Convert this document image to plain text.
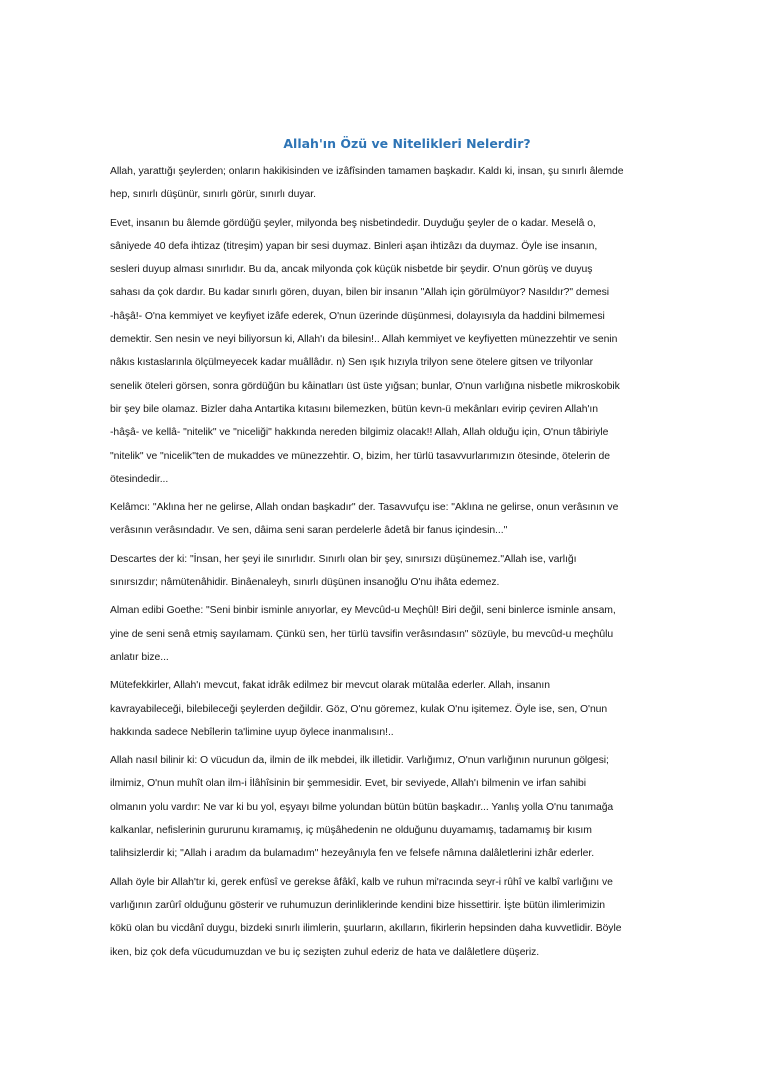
Allah'ın Özü ve Nitelikleri Nelerdir?

Allah, yarattığı şeylerden; onların hakikisinden ve izâfîsinden tamamen başkadır. Kaldı ki, insan, şu sınırlı âlemde
hep, sınırlı düşünür, sınırlı görür, sınırlı duyar.

Evet, insanın bu âlemde gördüğü şeyler, milyonda beş nisbetindedir. Duyduğu şeyler de o kadar. Meselâ o,
sâniyede 40 defa ihtizaz (titreşim) yapan bir sesi duymaz. Binleri aşan ihtizâzı da duymaz. Öyle ise insanın,
sesleri duyup alması sınırlıdır. Bu da, ancak milyonda çok küçük nisbetde bir şeydir. O'nun görüş ve duyuş
sahası da çok dardır. Bu kadar sınırlı gören, duyan, bilen bir insanın "Allah için görülmüyor? Nasıldır?" demesi
-hâşâ!- O'na kemmiyet ve keyfiyet izâfe ederek, O'nun üzerinde düşünmesi, dolayısıyla da haddini bilmemesi
demektir. Sen nesin ve neyi biliyorsun ki, Allah'ı da bilesin!.. Allah kemmiyet ve keyfiyetten münezzehtir ve senin
nâkıs kıstaslarınla ölçülmeyecek kadar muâllâdır. n) Sen ışık hızıyla trilyon sene ötelere gitsen ve trilyonlar
senelik öteleri görsen, sonra gördüğün bu kâinatları üst üste yığsan; bunlar, O'nun varlığına nisbetle mikroskobik
bir şey bile olamaz. Bizler daha Antartika kıtasını bilemezken, bütün kevn-ü mekânları evirip çeviren Allah'ın
-hâşâ- ve kellâ- "nitelik" ve "niceliği" hakkında nereden bilgimiz olacak!! Allah, Allah olduğu için, O'nun tâbiriyle
"nitelik" ve "nicelik"ten de mukaddes ve münezzehtir. O, bizim, her türlü tasavvurlarımızın ötesinde, ötelerin de
ötesindedir...

Kelâmcı: "Aklına her ne gelirse, Allah ondan başkadır" der. Tasavvufçu ise: "Aklına ne gelirse, onun verâsının ve
verâsının verâsındadır. Ve sen, dâima seni saran perdelerle âdetâ bir fanus içindesin..."

Descartes der ki: "İnsan, her şeyi ile sınırlıdır. Sınırlı olan bir şey, sınırsızı düşünemez."Allah ise, varlığı
sınırsızdır; nâmütenâhidir. Binâenaleyh, sınırlı düşünen insanoğlu O'nu ihâta edemez.

Alman edibi Goethe: "Seni binbir isminle anıyorlar, ey Mevcûd-u Meçhûl! Biri değil, seni binlerce isminle ansam,
yine de seni senâ etmiş sayılamam. Çünkü sen, her türlü tavsifin verâsındasın" sözüyle, bu mevcûd-u meçhûlu
anlatır bize...

Mütefekkirler, Allah'ı mevcut, fakat idrâk edilmez bir mevcut olarak mütalâa ederler. Allah, insanın
kavrayabileceği, bilebileceği şeylerden değildir. Göz, O'nu göremez, kulak O'nu işitemez. Öyle ise, sen, O'nun
hakkında sadece Nebîlerin ta'limine uyup öylece inanmalısın!..

Allah nasıl bilinir ki: O vücudun da, ilmin de ilk mebdei, ilk illetidir. Varlığımız, O'nun varlığının nurunun gölgesi;
ilmimiz, O'nun muhît olan ilm-i İlâhîsinin bir şemmesidir. Evet, bir seviyede, Allah'ı bilmenin ve irfan sahibi
olmanın yolu vardır: Ne var ki bu yol, eşyayı bilme yolundan bütün bütün başkadır... Yanlış yolla O'nu tanımağa
kalkanlar, nefislerinin gururunu kıramamış, iç müşâhedenin ne olduğunu duyamamış, tadamamış bir kısım
talihsizlerdir ki; "Allah i aradım da bulamadım" hezeyânıyla fen ve felsefe nâmına dalâletlerini izhâr ederler.

Allah öyle bir Allah'tır ki, gerek enfüsî ve gerekse âfâkî, kalb ve ruhun mi'racında seyr-i rûhî ve kalbî varlığını ve
varlığının zarûrî olduğunu gösterir ve ruhumuzun derinliklerinde kendini bize hissettirir. İşte bütün ilimlerimizin
kökü olan bu vicdânî duygu, bizdeki sınırlı ilimlerin, şuurların, akılların, fikirlerin hepsinden daha kuvvetlidir. Böyle
iken, biz çok defa vücudumuzdan ve bu iç sezişten zuhul ederiz de hata ve dalâletlere düşeriz.
